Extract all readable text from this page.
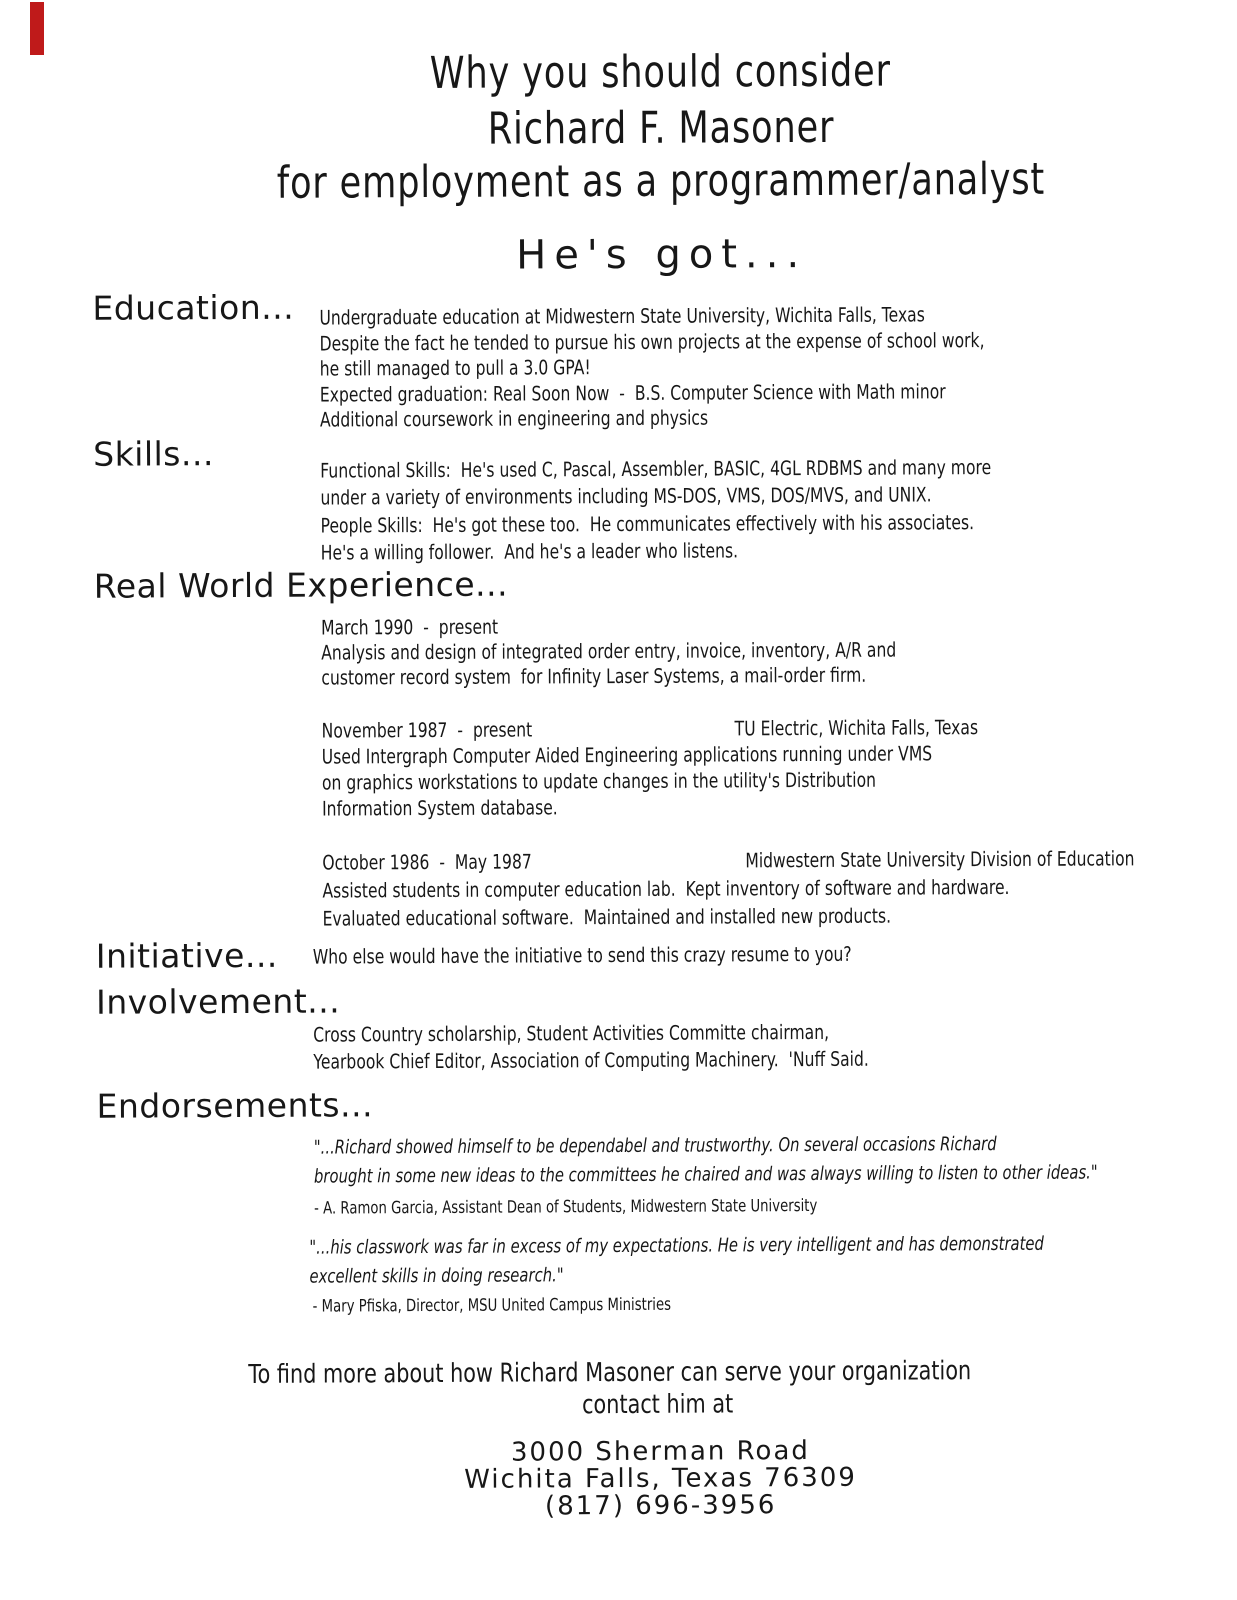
Why you should consider
Richard F. Masoner
for employment as a programmer/analyst
He's got...
Education... Undergraduate education at Midwestern State University, Wichita Falls, Texas
Despite the fact he tended to pursue his own projects at the expense of school work,
he still managed to pull a 3.0 GPA!
Expected graduation: Real Soon Now  -  B.S. Computer Science with Math minor
Additional coursework in engineering and physics
Skills...	Functional Skills:  He's used C, Pascal, Assembler, BASIC, 4GL RDBMS and many more
under a variety of environments including MS-DOS, VMS, DOS/MVS, and UNIX.
People Skills:  He's got these too.  He communicates effectively with his associates.
He's a willing follower.  And he's a leader who listens.
Real World Experience...
March 1990  -  present
Analysis and design of integrated order entry, invoice, inventory, A/R and
customer record system  for Infinity Laser Systems, a mail-order firm.
November 1987  -  present	TU Electric, Wichita Falls, Texas
Used Intergraph Computer Aided Engineering applications running under VMS
on graphics workstations to update changes in the utility's Distribution
Information System database.
October 1986  -  May 1987	Midwestern State University Division of Education
Assisted students in computer education lab.  Kept inventory of software and hardware.
Evaluated educational software.  Maintained and installed new products.
Initiative... Who else would have the initiative to send this crazy resume to you?
Involvement...
Cross Country scholarship, Student Activities Committe chairman,
Yearbook Chief Editor, Association of Computing Machinery.  'Nuff Said.
Endorsements...
"...Richard showed himself to be dependabel and trustworthy. On several occasions Richard
brought in some new ideas to the committees he chaired and was always willing to listen to other ideas."
- A. Ramon Garcia, Assistant Dean of Students, Midwestern State University
"...his classwork was far in excess of my expectations. He is very intelligent and has demonstrated
excellent skills in doing research."
- Mary Pfiska, Director, MSU United Campus Ministries
To find more about how Richard Masoner can serve your organization
contact him at
3000 Sherman Road
Wichita Falls, Texas 76309
(817) 696-3956
